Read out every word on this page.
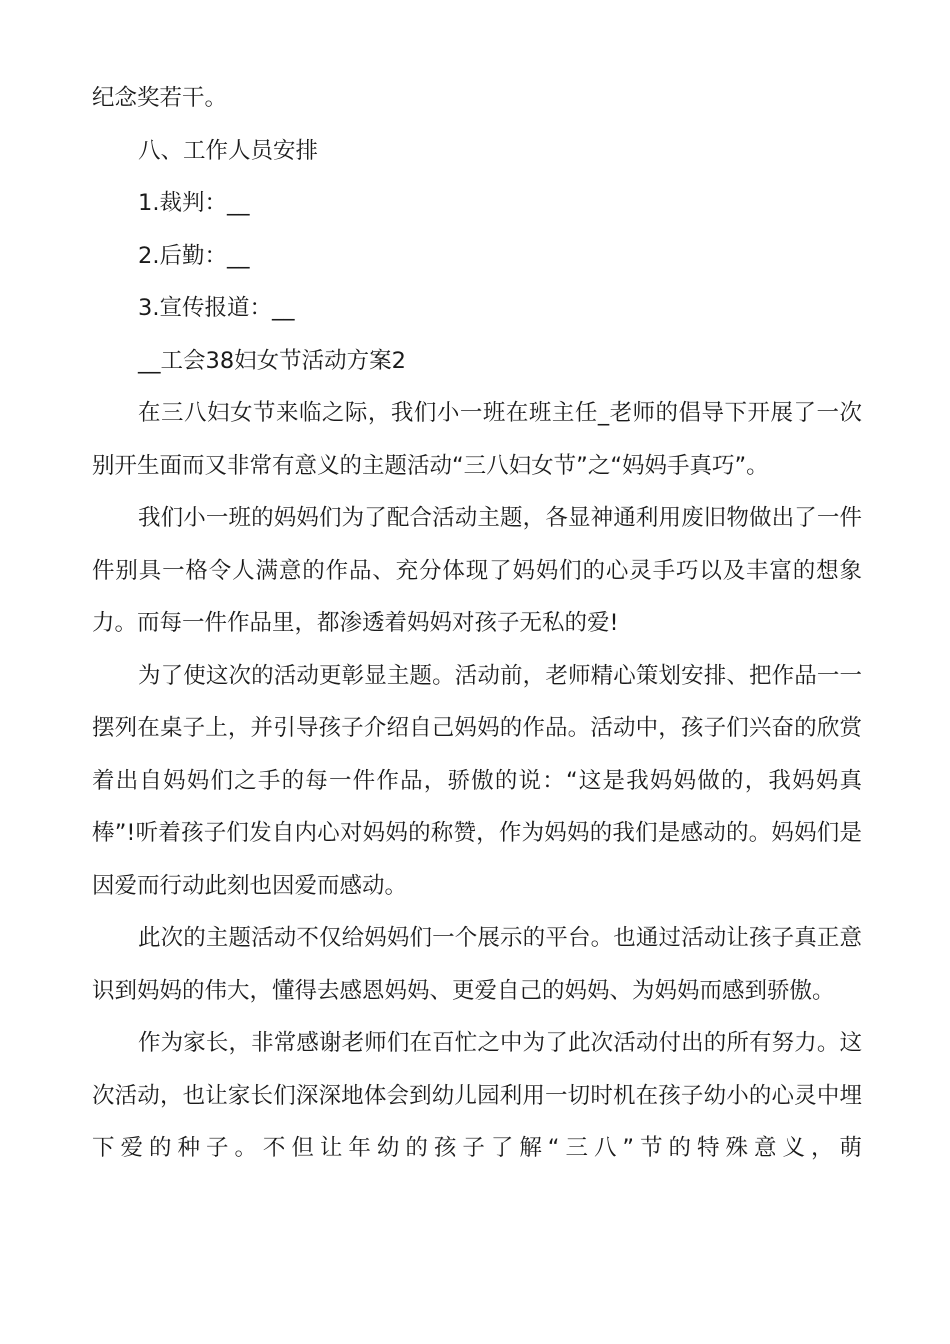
纪念奖若干。

八、工作人员安排

1.裁判：__

2.后勤：__

3.宣传报道：__

__工会38妇女节活动方案2

在三八妇女节来临之际，我们小一班在班主任_老师的倡导下开展了一次别开生面而又非常有意义的主题活动“三八妇女节”之“妈妈手真巧”。

我们小一班的妈妈们为了配合活动主题，各显神通利用废旧物做出了一件件别具一格令人满意的作品、充分体现了妈妈们的心灵手巧以及丰富的想象力。而每一件作品里，都渗透着妈妈对孩子无私的爱!

为了使这次的活动更彰显主题。活动前，老师精心策划安排、把作品一一摆列在桌子上，并引导孩子介绍自己妈妈的作品。活动中，孩子们兴奋的欣赏着出自妈妈们之手的每一件作品，骄傲的说：“这是我妈妈做的，我妈妈真棒”!听着孩子们发自内心对妈妈的称赞，作为妈妈的我们是感动的。妈妈们是因爱而行动此刻也因爱而感动。

此次的主题活动不仅给妈妈们一个展示的平台。也通过活动让孩子真正意识到妈妈的伟大，懂得去感恩妈妈、更爱自己的妈妈、为妈妈而感到骄傲。

作为家长，非常感谢老师们在百忙之中为了此次活动付出的所有努力。这次活动，也让家长们深深地体会到幼儿园利用一切时机在孩子幼小的心灵中埋下爱的种子。不但让年幼的孩子了解“三八”节的特殊意义，萌
